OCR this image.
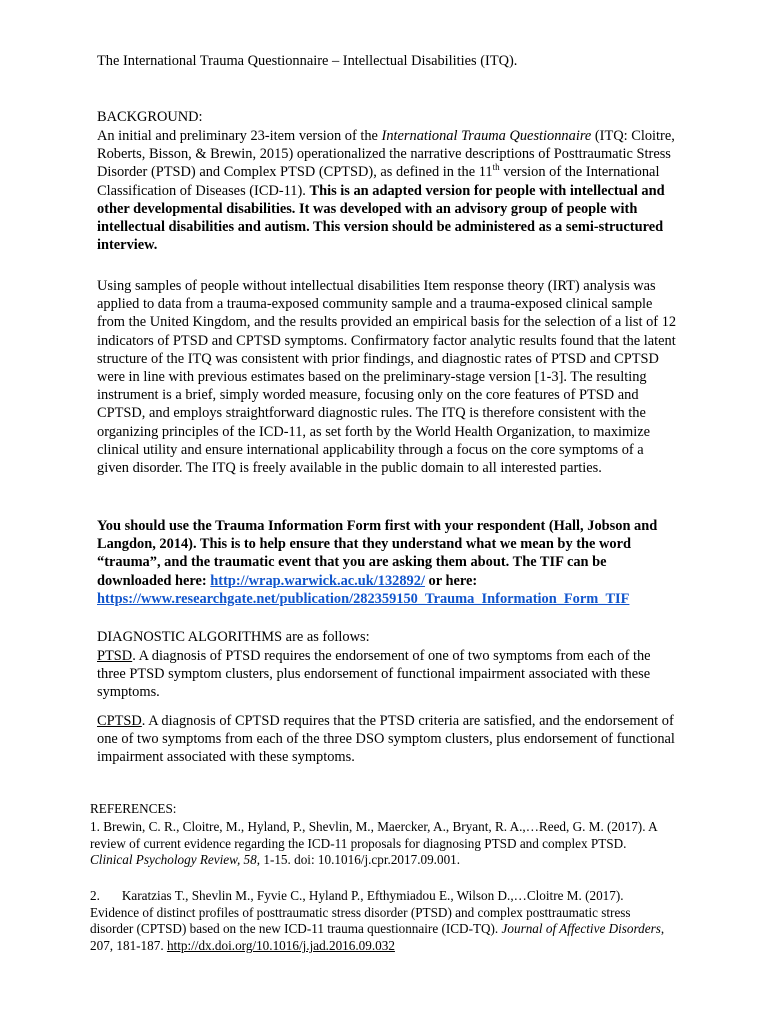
The International Trauma Questionnaire – Intellectual Disabilities (ITQ).

BACKGROUND:

An initial and preliminary 23-item version of the International Trauma Questionnaire (ITQ: Cloitre, Roberts, Bisson, & Brewin, 2015) operationalized the narrative descriptions of Posttraumatic Stress Disorder (PTSD) and Complex PTSD (CPTSD), as defined in the 11th version of the International Classification of Diseases (ICD-11). This is an adapted version for people with intellectual and other developmental disabilities. It was developed with an advisory group of people with intellectual disabilities and autism. This version should be administered as a semi-structured interview.

Using samples of people without intellectual disabilities Item response theory (IRT) analysis was applied to data from a trauma-exposed community sample and a trauma-exposed clinical sample from the United Kingdom, and the results provided an empirical basis for the selection of a list of 12 indicators of PTSD and CPTSD symptoms. Confirmatory factor analytic results found that the latent structure of the ITQ was consistent with prior findings, and diagnostic rates of PTSD and CPTSD were in line with previous estimates based on the preliminary-stage version [1-3]. The resulting instrument is a brief, simply worded measure, focusing only on the core features of PTSD and CPTSD, and employs straightforward diagnostic rules. The ITQ is therefore consistent with the organizing principles of the ICD-11, as set forth by the World Health Organization, to maximize clinical utility and ensure international applicability through a focus on the core symptoms of a given disorder. The ITQ is freely available in the public domain to all interested parties.

You should use the Trauma Information Form first with your respondent (Hall, Jobson and Langdon, 2014). This is to help ensure that they understand what we mean by the word “trauma”, and the traumatic event that you are asking them about. The TIF can be downloaded here: http://wrap.warwick.ac.uk/132892/ or here: https://www.researchgate.net/publication/282359150_Trauma_Information_Form_TIF

DIAGNOSTIC ALGORITHMS are as follows:

PTSD. A diagnosis of PTSD requires the endorsement of one of two symptoms from each of the three PTSD symptom clusters, plus endorsement of functional impairment associated with these symptoms.

CPTSD. A diagnosis of CPTSD requires that the PTSD criteria are satisfied, and the endorsement of one of two symptoms from each of the three DSO symptom clusters, plus endorsement of functional impairment associated with these symptoms.

REFERENCES:

1. Brewin, C. R., Cloitre, M., Hyland, P., Shevlin, M., Maercker, A., Bryant, R. A.,…Reed, G. M. (2017). A review of current evidence regarding the ICD-11 proposals for diagnosing PTSD and complex PTSD. Clinical Psychology Review, 58, 1-15. doi: 10.1016/j.cpr.2017.09.001.

2. Karatzias T., Shevlin M., Fyvie C., Hyland P., Efthymiadou E., Wilson D.,…Cloitre M. (2017). Evidence of distinct profiles of posttraumatic stress disorder (PTSD) and complex posttraumatic stress disorder (CPTSD) based on the new ICD-11 trauma questionnaire (ICD-TQ). Journal of Affective Disorders, 207, 181-187. http://dx.doi.org/10.1016/j.jad.2016.09.032
